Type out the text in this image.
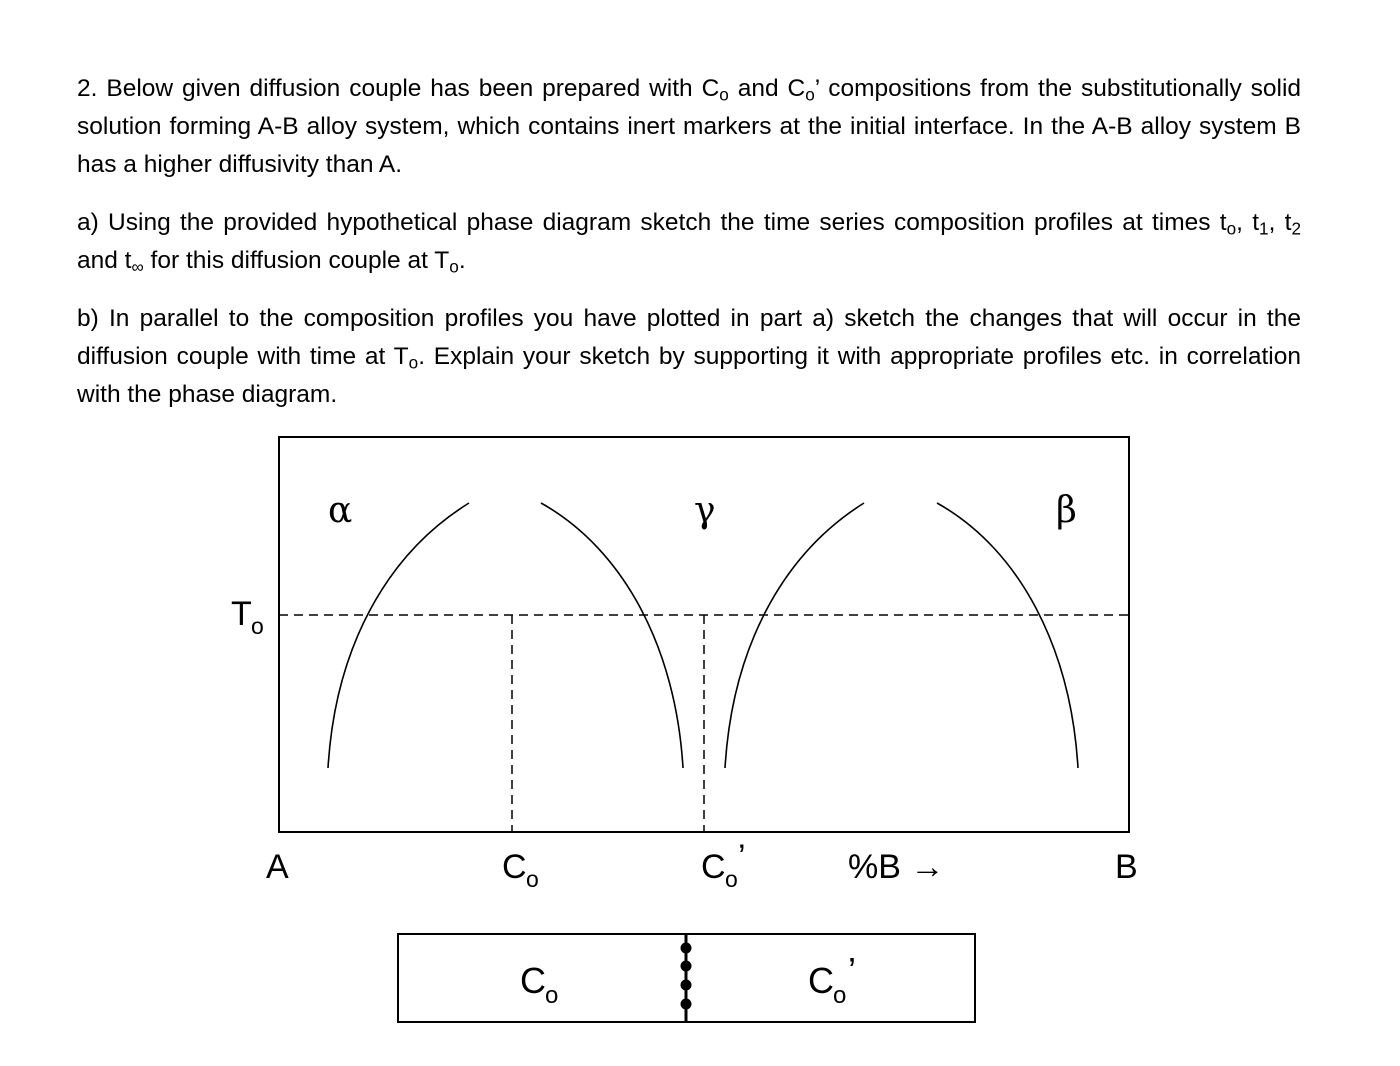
2. Below given diffusion couple has been prepared with $C_o$ and $C_o$’ compositions from the substitutionally solid solution forming A-B alloy system, which contains inert markers at the initial interface. In the A-B alloy system B has a higher diffusivity than A.

a) Using the provided hypothetical phase diagram sketch the time series composition profiles at times $t_o$, $t_1$, $t_2$ and $t_\infty$ for this diffusion couple at $T_o$.

b) In parallel to the composition profiles you have plotted in part a) sketch the changes that will occur in the diffusion couple with time at $T_o$. Explain your sketch by supporting it with appropriate profiles etc. in correlation with the phase diagram.

α	γ	β
T o
A	C o	C o
’	%B →	B
C o	C o
’
